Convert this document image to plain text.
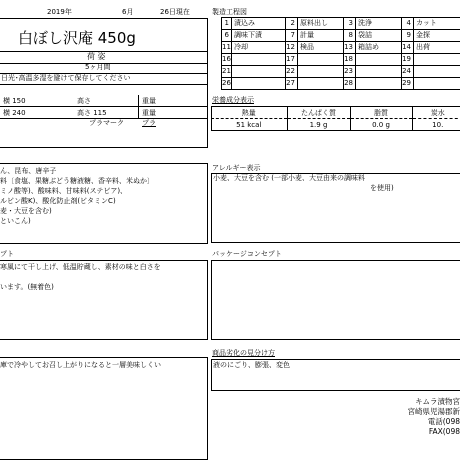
2019年	6月	26日現在
白ぼし沢庵 450g
荷 姿
5ヶ月間
日光･高温多湿を避けて保存してください
横 150	高さ	重量
横 240	高さ 115	重量
プラマーク	プラ
製造工程図
1	漬込み	2	原料出し	3	洗浄	4	カット
6	調味下漬	7	計量	8	袋詰	9	金探
11	冷却	12	検品	13	箱詰め	14	出荷
16		17		18		19	
21		22		23		24	
26		27		28		29	
栄養成分表示
熱量	たんぱく質	脂質	炭水
51 kcal	1.9 g	0.0 g	10.
ん、昆布、唐辛子
料〔食塩、果糖ぶどう糖液糖、香辛料、米ぬか〕
ミノ酸等)、酸味料、甘味料(ステビア)、
ルビン酸K)、酸化防止剤(ビタミンC)
麦・大豆を含む)
といこん)
アレルギー表示
小麦、大豆を含む (一部小麦、大豆由来の調味料
を使用)
プト
寒風にて干し上げ、低温貯蔵し、素材の味と白さを
います。(無着色)
パッケージコンセプト
庫で冷やしてお召し上がりになると一層美味しくい
商品劣化の見分け方
液のにごり、膨張、変色
キムラ漬物宮
宮崎県児湯郡新
電話(098
FAX(098
